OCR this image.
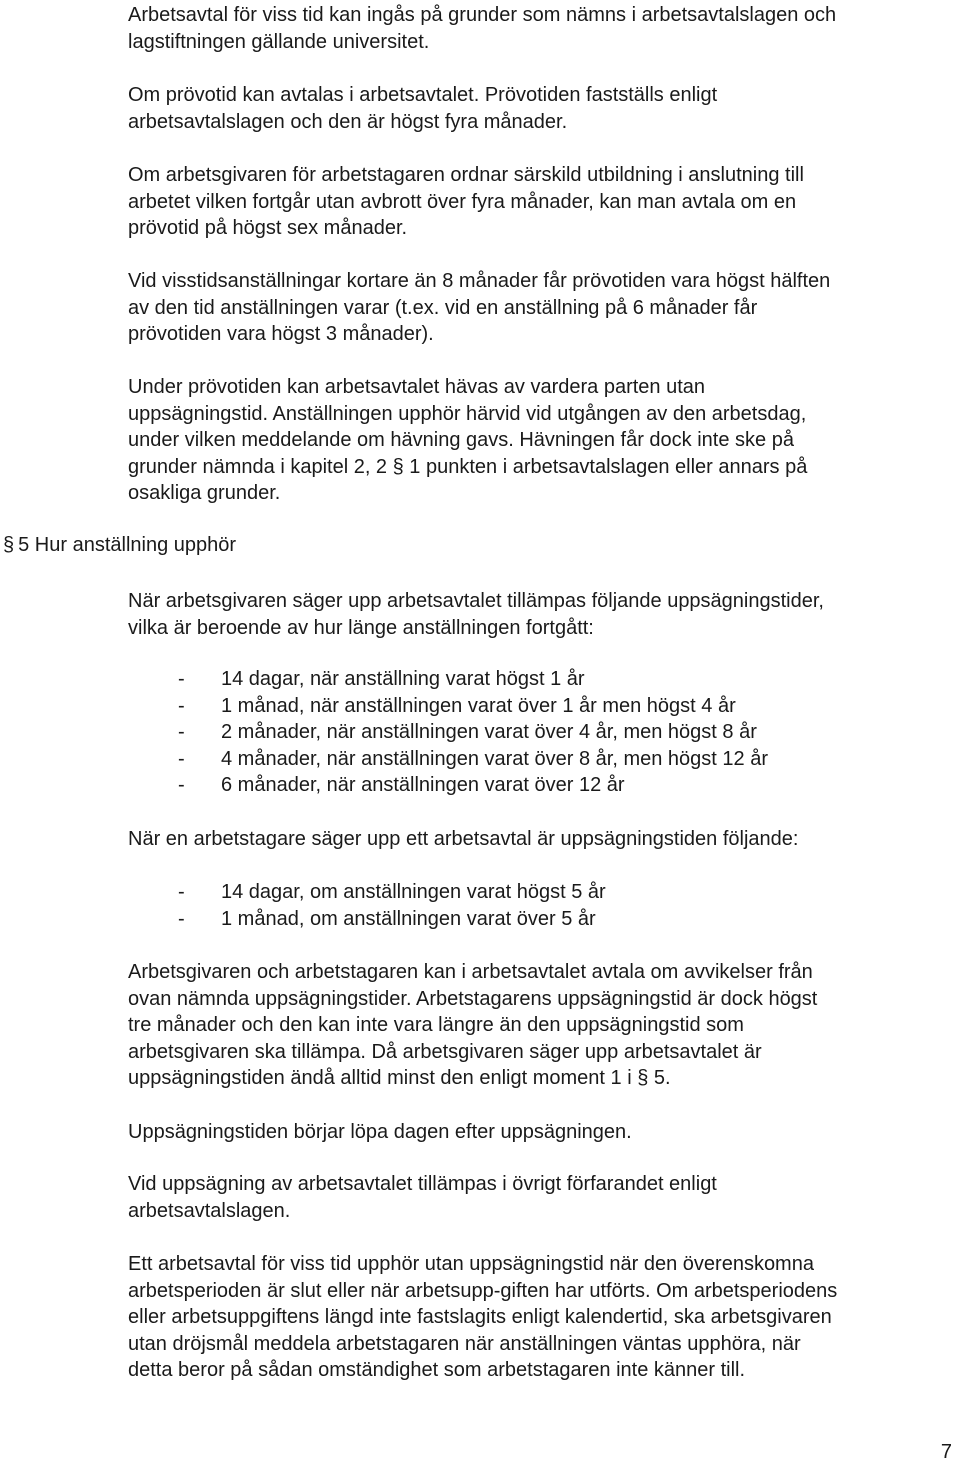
Arbetsavtal för viss tid kan ingås på grunder som nämns i arbetsavtalslagen och
lagstiftningen gällande universitet.

Om prövotid kan avtalas i arbetsavtalet. Prövotiden fastställs enligt
arbetsavtalslagen och den är högst fyra månader.

Om arbetsgivaren för arbetstagaren ordnar särskild utbildning i anslutning till
arbetet vilken fortgår utan avbrott över fyra månader, kan man avtala om en
prövotid på högst sex månader.

Vid visstidsanställningar kortare än 8 månader får prövotiden vara högst hälften
av den tid anställningen varar (t.ex. vid en anställning på 6 månader får
prövotiden vara högst 3 månader).

Under prövotiden kan arbetsavtalet hävas av vardera parten utan
uppsägningstid. Anställningen upphör härvid vid utgången av den arbetsdag,
under vilken meddelande om hävning gavs. Hävningen får dock inte ske på
grunder nämnda i kapitel 2, 2 § 1 punkten i arbetsavtalslagen eller annars på
osakliga grunder.

§ 5 Hur anställning upphör

När arbetsgivaren säger upp arbetsavtalet tillämpas följande uppsägningstider,
vilka är beroende av hur länge anställningen fortgått:

- 14 dagar, när anställning varat högst 1 år
- 1 månad, när anställningen varat över 1 år men högst 4 år
- 2 månader, när anställningen varat över 4 år, men högst 8 år
- 4 månader, när anställningen varat över 8 år, men högst 12 år
- 6 månader, när anställningen varat över 12 år

När en arbetstagare säger upp ett arbetsavtal är uppsägningstiden följande:

- 14 dagar, om anställningen varat högst 5 år
- 1 månad, om anställningen varat över 5 år

Arbetsgivaren och arbetstagaren kan i arbetsavtalet avtala om avvikelser från
ovan nämnda uppsägningstider. Arbetstagarens uppsägningstid är dock högst
tre månader och den kan inte vara längre än den uppsägningstid som
arbetsgivaren ska tillämpa. Då arbetsgivaren säger upp arbetsavtalet är
uppsägningstiden ändå alltid minst den enligt moment 1 i § 5.

Uppsägningstiden börjar löpa dagen efter uppsägningen.

Vid uppsägning av arbetsavtalet tillämpas i övrigt förfarandet enligt
arbetsavtalslagen.

Ett arbetsavtal för viss tid upphör utan uppsägningstid när den överenskomna
arbetsperioden är slut eller när arbetsupp-giften har utförts. Om arbetsperiodens
eller arbetsuppgiftens längd inte fastslagits enligt kalendertid, ska arbetsgivaren
utan dröjsmål meddela arbetstagaren när anställningen väntas upphöra, när
detta beror på sådan omständighet som arbetstagaren inte känner till.

7
